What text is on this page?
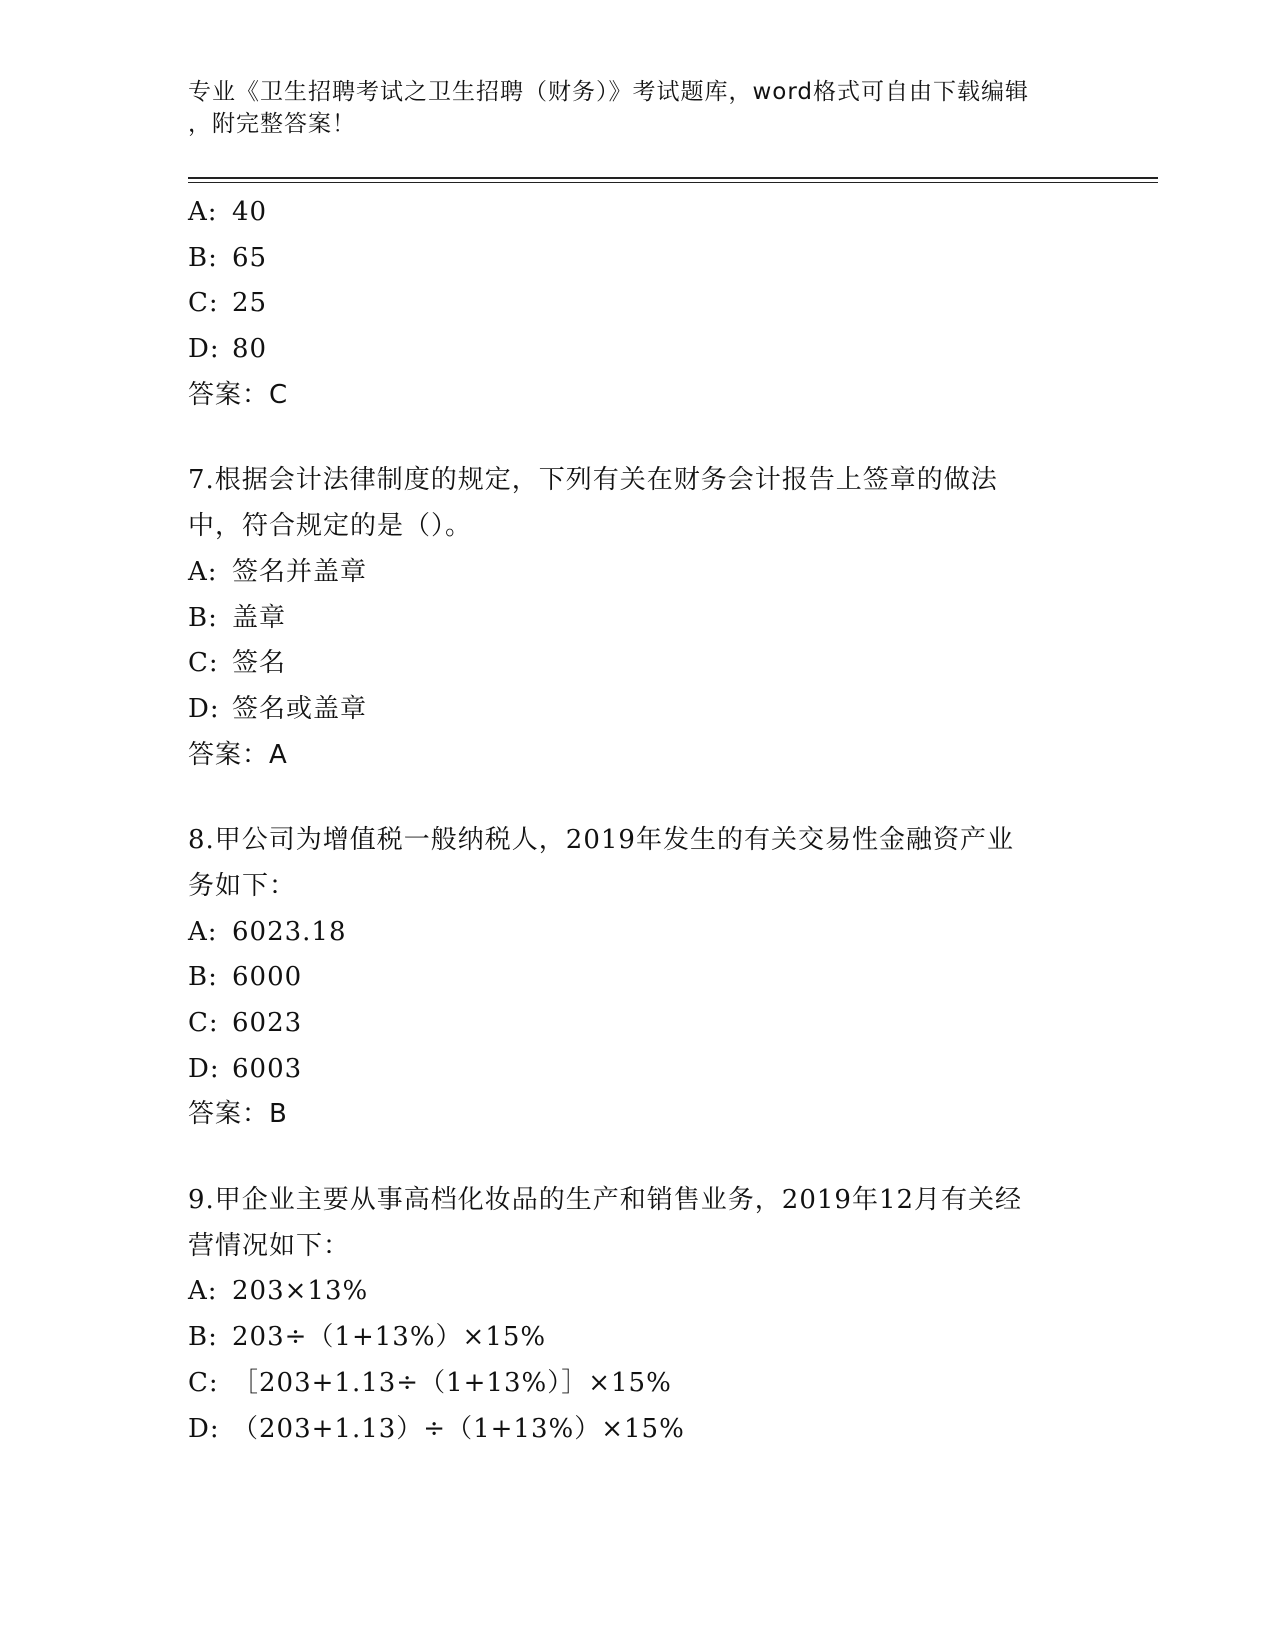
专业《卫生招聘考试之卫生招聘（财务）》考试题库，word格式可自由下载编辑
，附完整答案！
A: 40
B: 65
C: 25
D: 80
答案：C
7.根据会计法律制度的规定，下列有关在财务会计报告上签章的做法
中，符合规定的是（）。
A: 签名并盖章
B: 盖章
C: 签名
D: 签名或盖章
答案：A
8.甲公司为增值税一般纳税人，2019年发生的有关交易性金融资产业
务如下：
A: 6023.18
B: 6000
C: 6023
D: 6003
答案：B
9.甲企业主要从事高档化妆品的生产和销售业务，2019年12月有关经
营情况如下：
A: 203×13%
B: 203÷（1+13%）×15%
C: ［203+1.13÷（1+13%）］×15%
D: （203+1.13）÷（1+13%）×15%
